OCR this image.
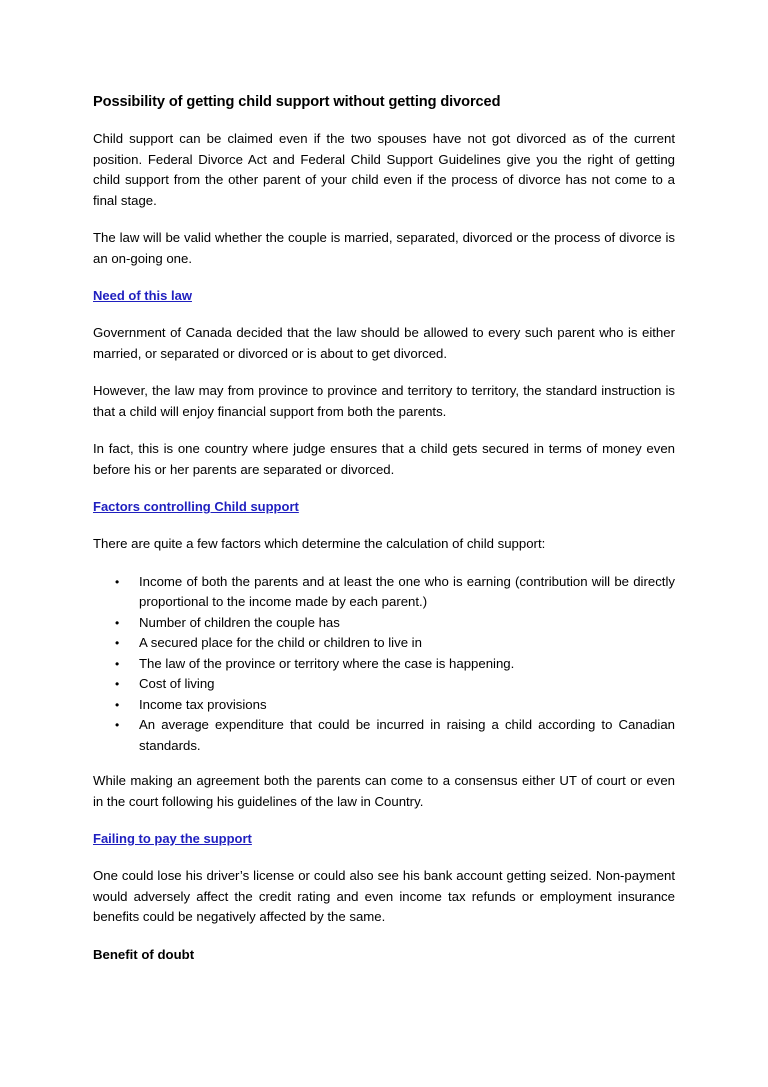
Possibility of getting child support without getting divorced

Child support can be claimed even if the two spouses have not got divorced as of the current position. Federal Divorce Act and Federal Child Support Guidelines give you the right of getting child support from the other parent of your child even if the process of divorce has not come to a final stage.

The law will be valid whether the couple is married, separated, divorced or the process of divorce is an on-going one.

Need of this law

Government of Canada decided that the law should be allowed to every such parent who is either married, or separated or divorced or is about to get divorced.

However, the law may from province to province and territory to territory, the standard instruction is that a child will enjoy financial support from both the parents.

In fact, this is one country where judge ensures that a child gets secured in terms of money even before his or her parents are separated or divorced.

Factors controlling Child support

There are quite a few factors which determine the calculation of child support:

• Income of both the parents and at least the one who is earning (contribution will be directly proportional to the income made by each parent.)
• Number of children the couple has
• A secured place for the child or children to live in
• The law of the province or territory where the case is happening.
• Cost of living
• Income tax provisions
• An average expenditure that could be incurred in raising a child according to Canadian standards.

While making an agreement both the parents can come to a consensus either UT of court or even in the court following his guidelines of the law in Country.

Failing to pay the support

One could lose his driver’s license or could also see his bank account getting seized. Non-payment would adversely affect the credit rating and even income tax refunds or employment insurance benefits could be negatively affected by the same.

Benefit of doubt
